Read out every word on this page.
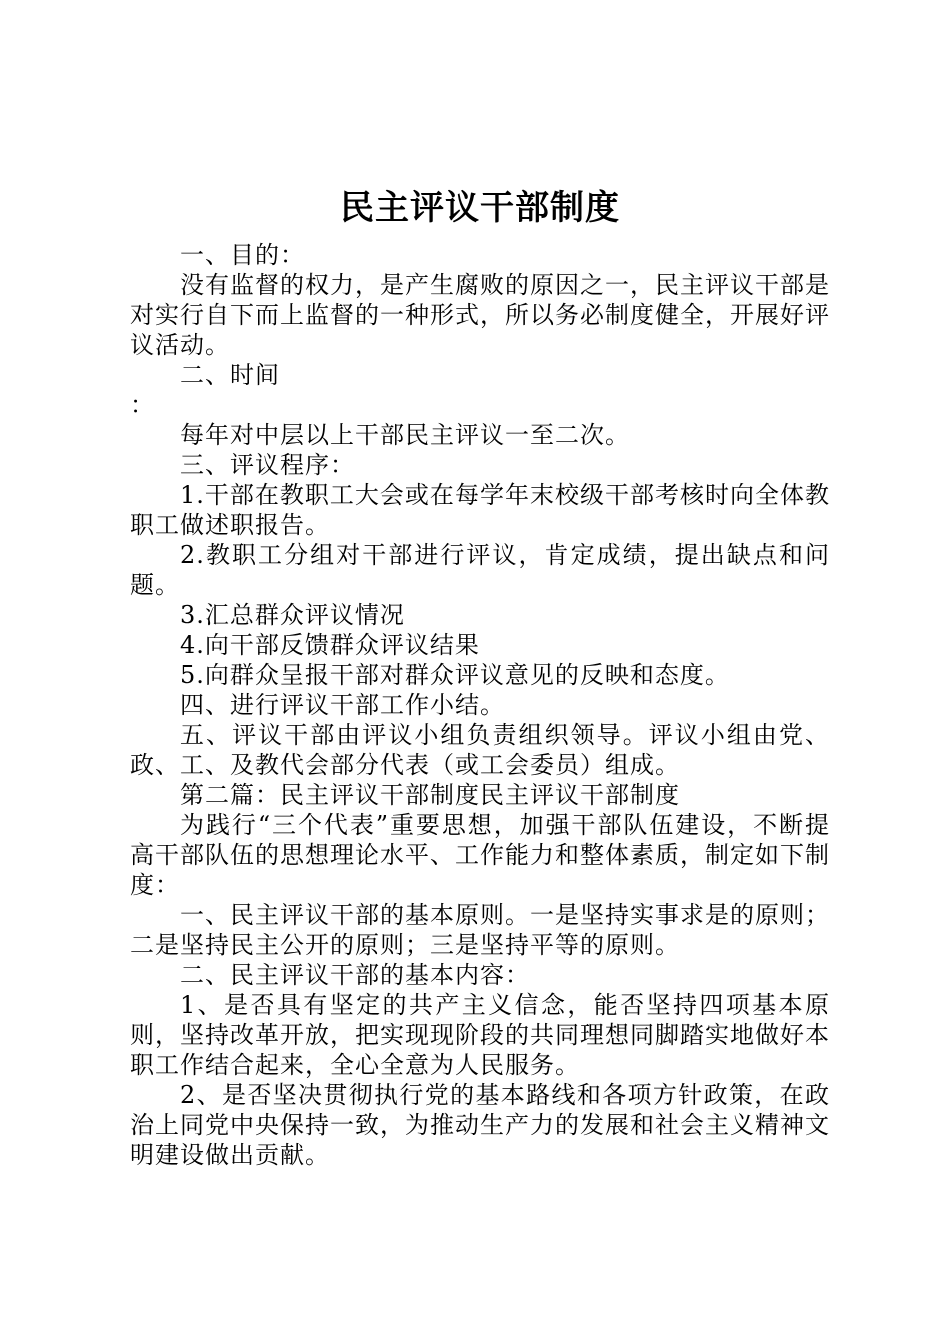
民主评议干部制度

一、目的：

没有监督的权力，是产生腐败的原因之一，民主评议干部是对实行自下而上监督的一种形式，所以务必制度健全，开展好评议活动。

二、时间

：

每年对中层以上干部民主评议一至二次。

三、评议程序：

1.干部在教职工大会或在每学年末校级干部考核时向全体教职工做述职报告。

2.教职工分组对干部进行评议，肯定成绩，提出缺点和问题。

3.汇总群众评议情况

4.向干部反馈群众评议结果

5.向群众呈报干部对群众评议意见的反映和态度。

四、进行评议干部工作小结。

五、评议干部由评议小组负责组织领导。评议小组由党、政、工、及教代会部分代表（或工会委员）组成。

第二篇：民主评议干部制度民主评议干部制度

为践行“三个代表”重要思想，加强干部队伍建设，不断提高干部队伍的思想理论水平、工作能力和整体素质，制定如下制度：

一、民主评议干部的基本原则。一是坚持实事求是的原则；二是坚持民主公开的原则；三是坚持平等的原则。

二、民主评议干部的基本内容：

1、是否具有坚定的共产主义信念，能否坚持四项基本原则，坚持改革开放，把实现现阶段的共同理想同脚踏实地做好本职工作结合起来，全心全意为人民服务。

2、是否坚决贯彻执行党的基本路线和各项方针政策，在政治上同党中央保持一致，为推动生产力的发展和社会主义精神文明建设做出贡献。
